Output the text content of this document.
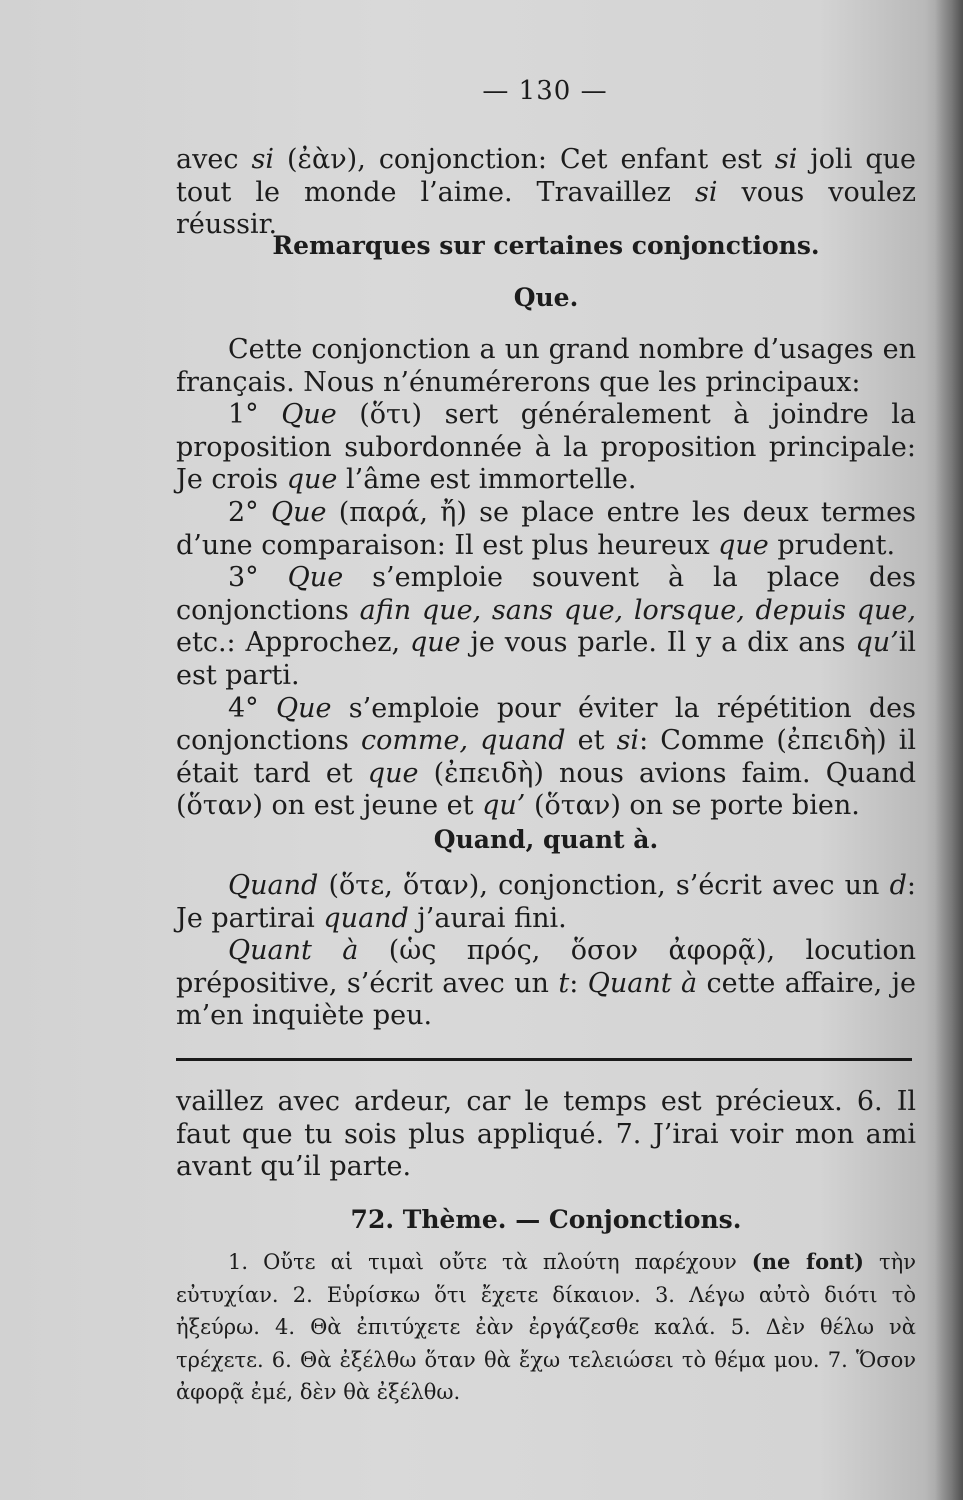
— 130 —

avec si (ἐὰν), conjonction: Cet enfant est si joli que tout le monde l’aime. Travaillez si vous voulez réussir.

Remarques sur certaines conjonctions.
Que.

Cette conjonction a un grand nombre d’usages en français. Nous n’énumérerons que les principaux:

1° Que (ὅτι) sert généralement à joindre la proposition subordonnée à la proposition principale: Je crois que l’âme est immortelle.

2° Que (παρά, ἤ) se place entre les deux termes d’une comparaison: Il est plus heureux que prudent.

3° Que s’emploie souvent à la place des conjonctions afin que, sans que, lorsque, depuis que, etc.: Approchez, que je vous parle. Il y a dix ans qu’il est parti.

4° Que s’emploie pour éviter la répétition des conjonctions comme, quand et si: Comme (ἐπειδὴ) il était tard et que (ἐπειδὴ) nous avions faim. Quand (ὅταν) on est jeune et qu’ (ὅταν) on se porte bien.

Quand, quant à.

Quand (ὅτε, ὅταν), conjonction, s’écrit avec un d: Je partirai quand j’aurai fini.

Quant à (ὡς πρός, ὅσον ἀφορᾷ), locution prépositive, s’écrit avec un t: Quant à cette affaire, je m’en inquiète peu.

vaillez avec ardeur, car le temps est précieux. 6. Il faut que tu sois plus appliqué. 7. J’irai voir mon ami avant qu’il parte.

72. Thème. — Conjonctions.

1. Οὔτε αἱ τιμαὶ οὔτε τὰ πλούτη παρέχουν (ne font) τὴν εὐτυχίαν. 2. Εὑρίσκω ὅτι ἔχετε δίκαιον. 3. Λέγω αὐτὸ διότι τὸ ἠξεύρω. 4. Θὰ ἐπιτύχετε ἐὰν ἐργάζεσθε καλά. 5. Δὲν θέλω νὰ τρέχετε. 6. Θὰ ἐξέλθω ὅταν θὰ ἔχω τελειώσει τὸ θέμα μου. 7. Ὅσον ἀφορᾷ ἐμέ, δὲν θὰ ἐξέλθω.
